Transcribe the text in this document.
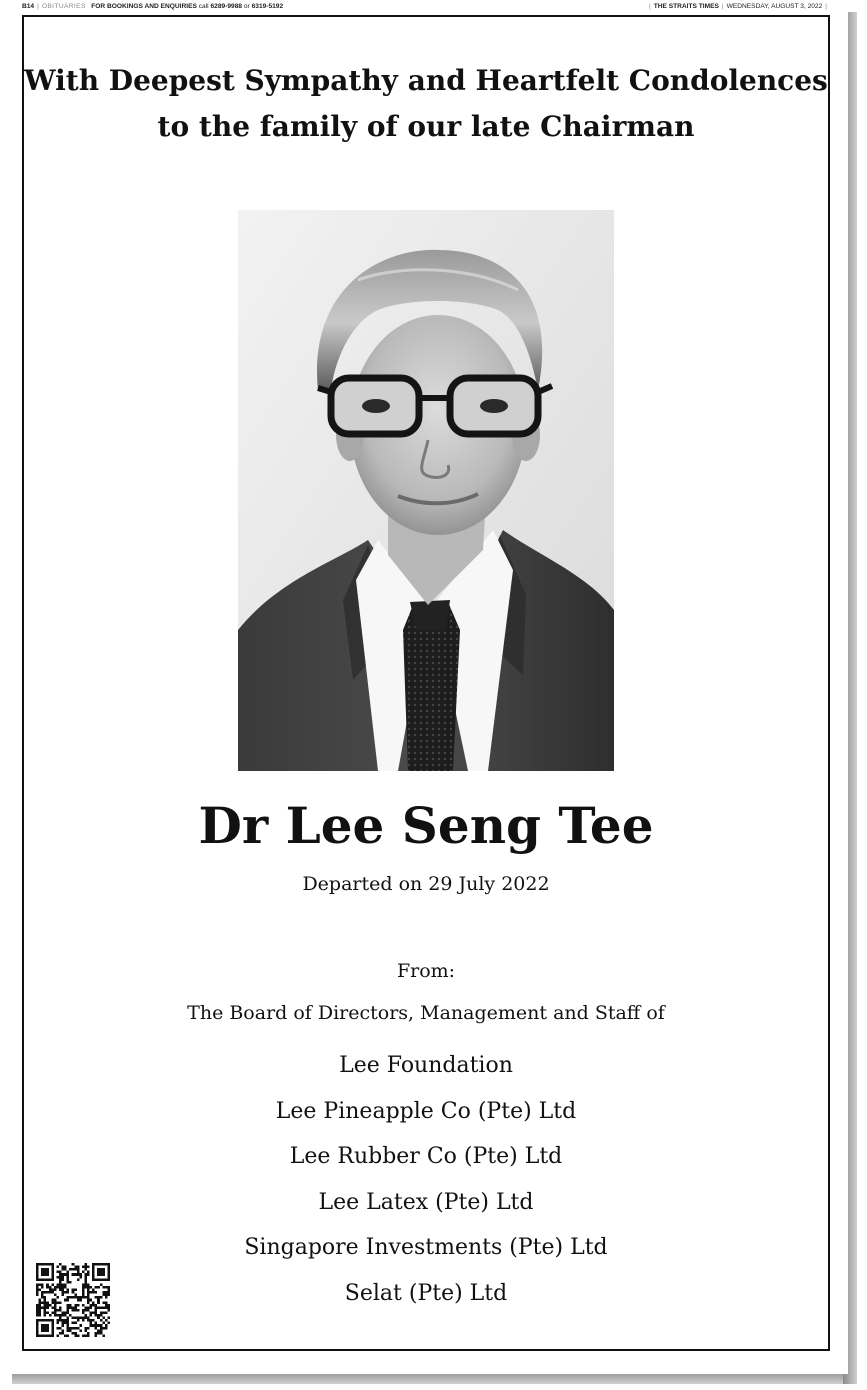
B14 | OBITUARIES FOR BOOKINGS AND ENQUIRIES call 6289-9988 or 6319-5192	| THE STRAITS TIMES | WEDNESDAY, AUGUST 3, 2022 |
With Deepest Sympathy and Heartfelt Condolences
to the family of our late Chairman
Dr Lee Seng Tee
Departed on 29 July 2022
From:
The Board of Directors, Management and Staff of
Lee Foundation
Lee Pineapple Co (Pte) Ltd
Lee Rubber Co (Pte) Ltd
Lee Latex (Pte) Ltd
Singapore Investments (Pte) Ltd
Selat (Pte) Ltd
